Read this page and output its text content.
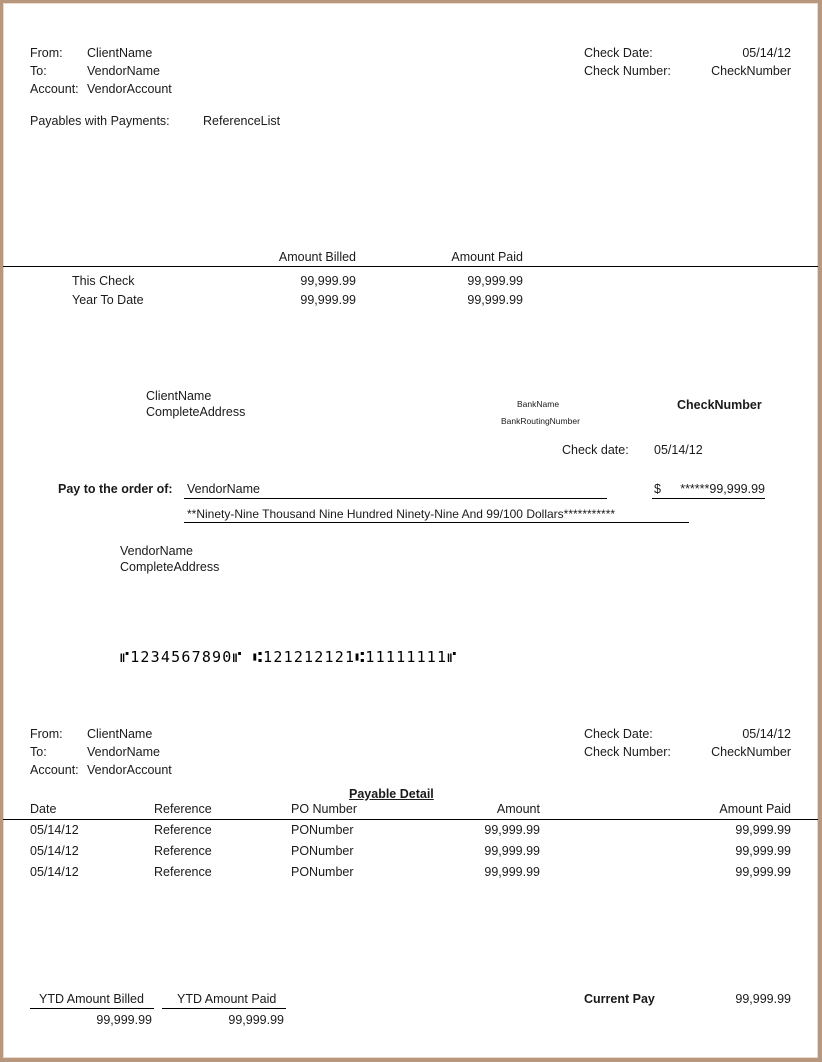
From: ClientName
To:	VendorName
Account: VendorAccount
Check Date:	05/14/12
Check Number:	CheckNumber
Payables with Payments:	ReferenceList
Amount Billed	Amount Paid
This Check	99,999.99	99,999.99
Year To Date	99,999.99	99,999.99
ClientName
CompleteAddress
BankName
BankRoutingNumber
CheckNumber
Check date: 05/14/12
Pay to the order of: VendorName	$ ******99,999.99
**Ninety-Nine Thousand Nine Hundred Ninety-Nine And 99/100 Dollars***********
VendorName
CompleteAddress
⑈1234567890⑈ ⑆121212121⑆11111111⑈
From: ClientName
To:	VendorName
Account: VendorAccount
Check Date:	05/14/12
Check Number:	CheckNumber
Payable Detail
Date	Reference	PO Number	Amount	Amount Paid
05/14/12	Reference	PONumber	99,999.99	99,999.99
05/14/12	Reference	PONumber	99,999.99	99,999.99
05/14/12	Reference	PONumber	99,999.99	99,999.99
YTD Amount Billed
99,999.99
YTD Amount Paid
99,999.99
Current Pay	99,999.99
